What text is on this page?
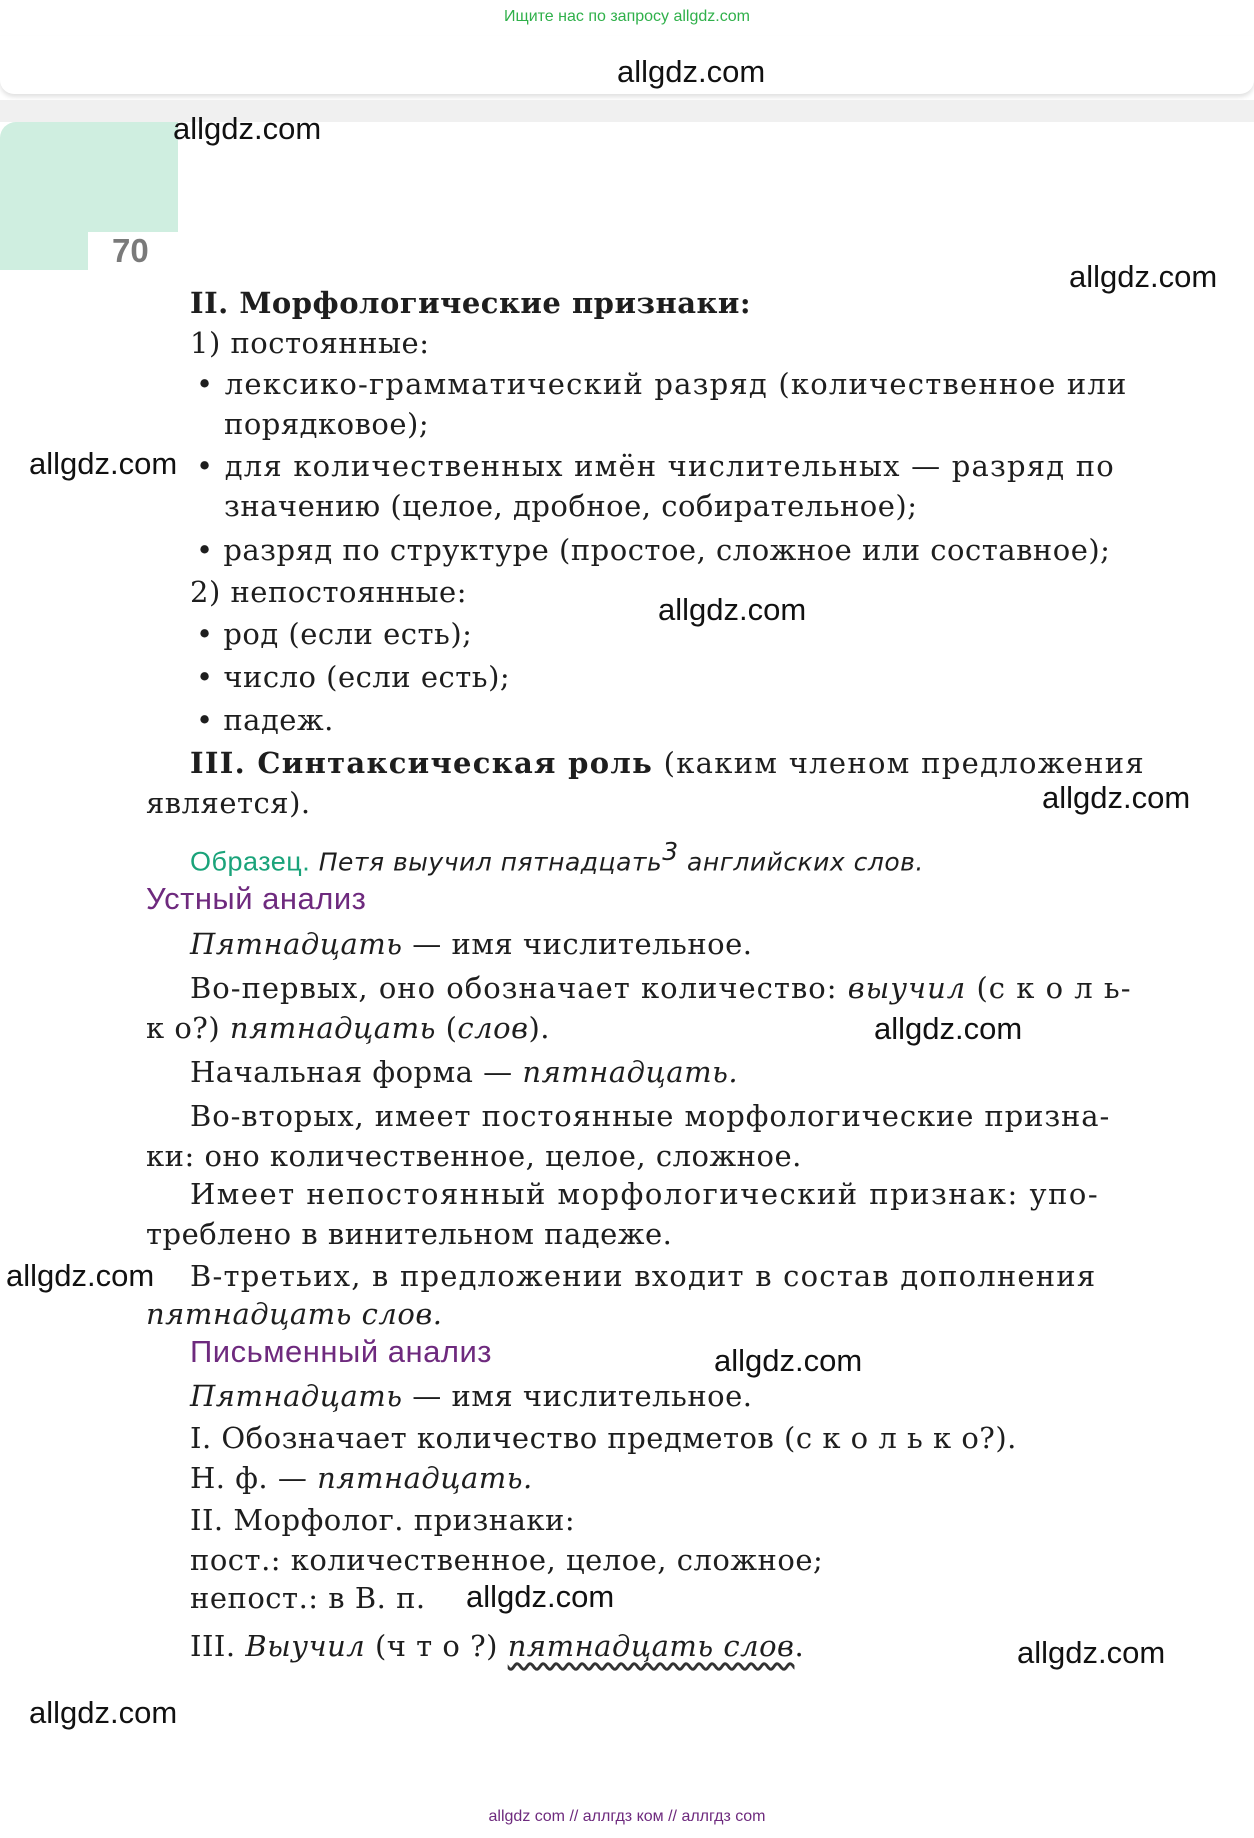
Ищите нас по запросу allgdz.com
70
II. Морфологические признаки:
1) постоянные:
• лексико-грамматический разряд (количественное или
порядковое);
• для количественных имён числительных — разряд по
значению (целое, дробное, собирательное);
• разряд по структуре (простое, сложное или составное);
2) непостоянные:
• род (если есть);
• число (если есть);
• падеж.
III. Синтаксическая роль (каким членом предложения
является).
Образец. Петя выучил пятнадцать$^3$ английских слов.
Устный анализ
Пятнадцать — имя числительное.
Во-первых, оно обозначает количество: выучил (с к о л ь-
к о?) пятнадцать (слов).
Начальная форма — пятнадцать.
Во-вторых, имеет постоянные морфологические призна-
ки: оно количественное, целое, сложное.
Имеет непостоянный морфологический признак: упо-
треблено в винительном падеже.
В-третьих, в предложении входит в состав дополнения
пятнадцать слов.
Письменный анализ
Пятнадцать — имя числительное.
I. Обозначает количество предметов (с к о л ь к о?).
Н. ф. — пятнадцать.
II. Морфолог. признаки:
пост.: количественное, целое, сложное;
непост.: в В. п.
III. Выучил (ч т о ?) пятнадцать слов.
allgdz.com
allgdz.com
allgdz.com
allgdz.com
allgdz.com
allgdz.com
allgdz.com
allgdz.com
allgdz.com
allgdz.com
allgdz.com
allgdz.com
allgdz com // аллгдз ком // аллгдз com
